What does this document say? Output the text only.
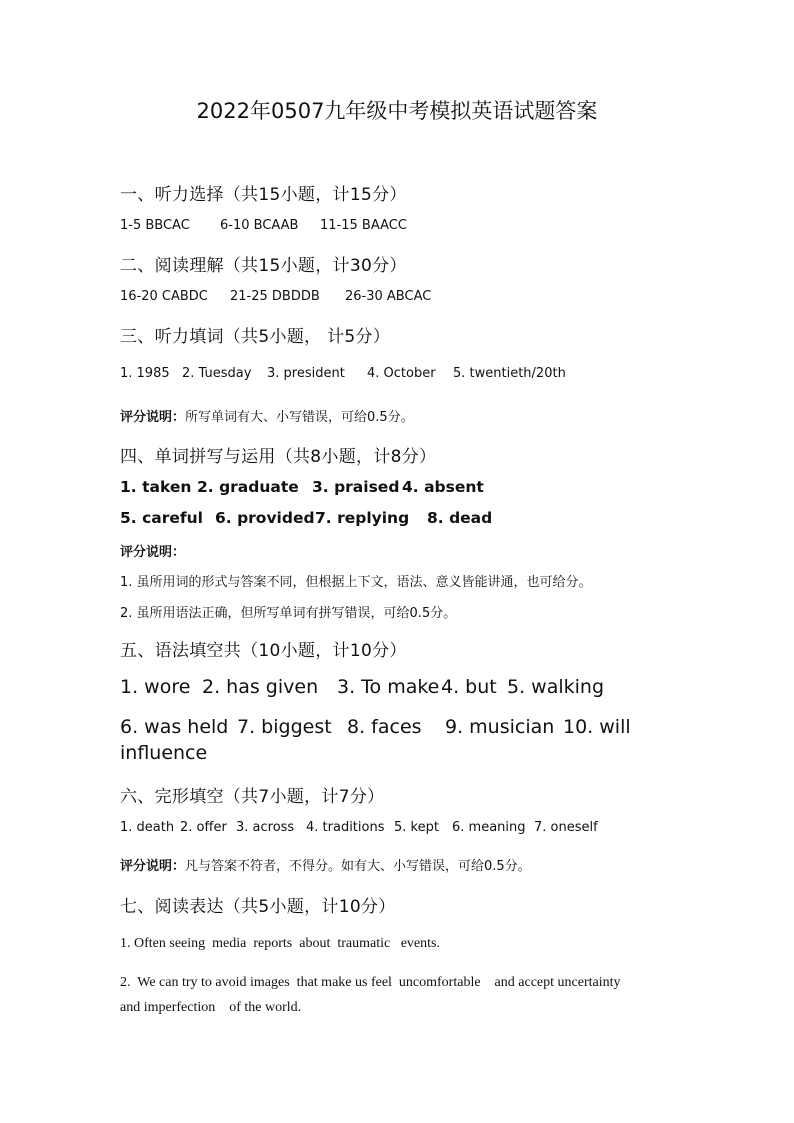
2022年0507九年级中考模拟英语试题答案
一、听力选择（共15小题，计15分）
1-5 BBCAC 6-10 BCAAB 11-15 BAACC
二、阅读理解（共15小题，计30分）
16-20 CABDC 21-25 DBDDB 26-30 ABCAC
三、听力填词（共5小题， 计5分）
1. 1985 2. Tuesday 3. president 4. October 5. twentieth/20th
评分说明：所写单词有大、小写错误，可给0.5分。
四、单词拼写与运用（共8小题，计8分）
1. taken 2. graduate 3. praised 4. absent
5. careful 6. provided7. replying 8. dead
评分说明：
1. 虽所用词的形式与答案不同，但根据上下文，语法、意义皆能讲通，也可给分。
2. 虽所用语法正确，但所写单词有拼写错误，可给0.5分。
五、语法填空共（10小题，计10分）
1. wore 2. has given 3. To make4. but 5. walking
6. was held 7. biggest 8. faces 9. musician 10. will
influence
六、完形填空（共7小题，计7分）
1. death 2. offer 3. across 4. traditions 5. kept 6. meaning 7. oneself
评分说明：凡与答案不符者，不得分。如有大、小写错误，可给0.5分。
七、阅读表达（共5小题，计10分）
1. Often seeing  media  reports  about  traumatic   events.
2.  We can try to avoid images  that make us feel  uncomfortable    and accept uncertainty
and imperfection    of the world.
